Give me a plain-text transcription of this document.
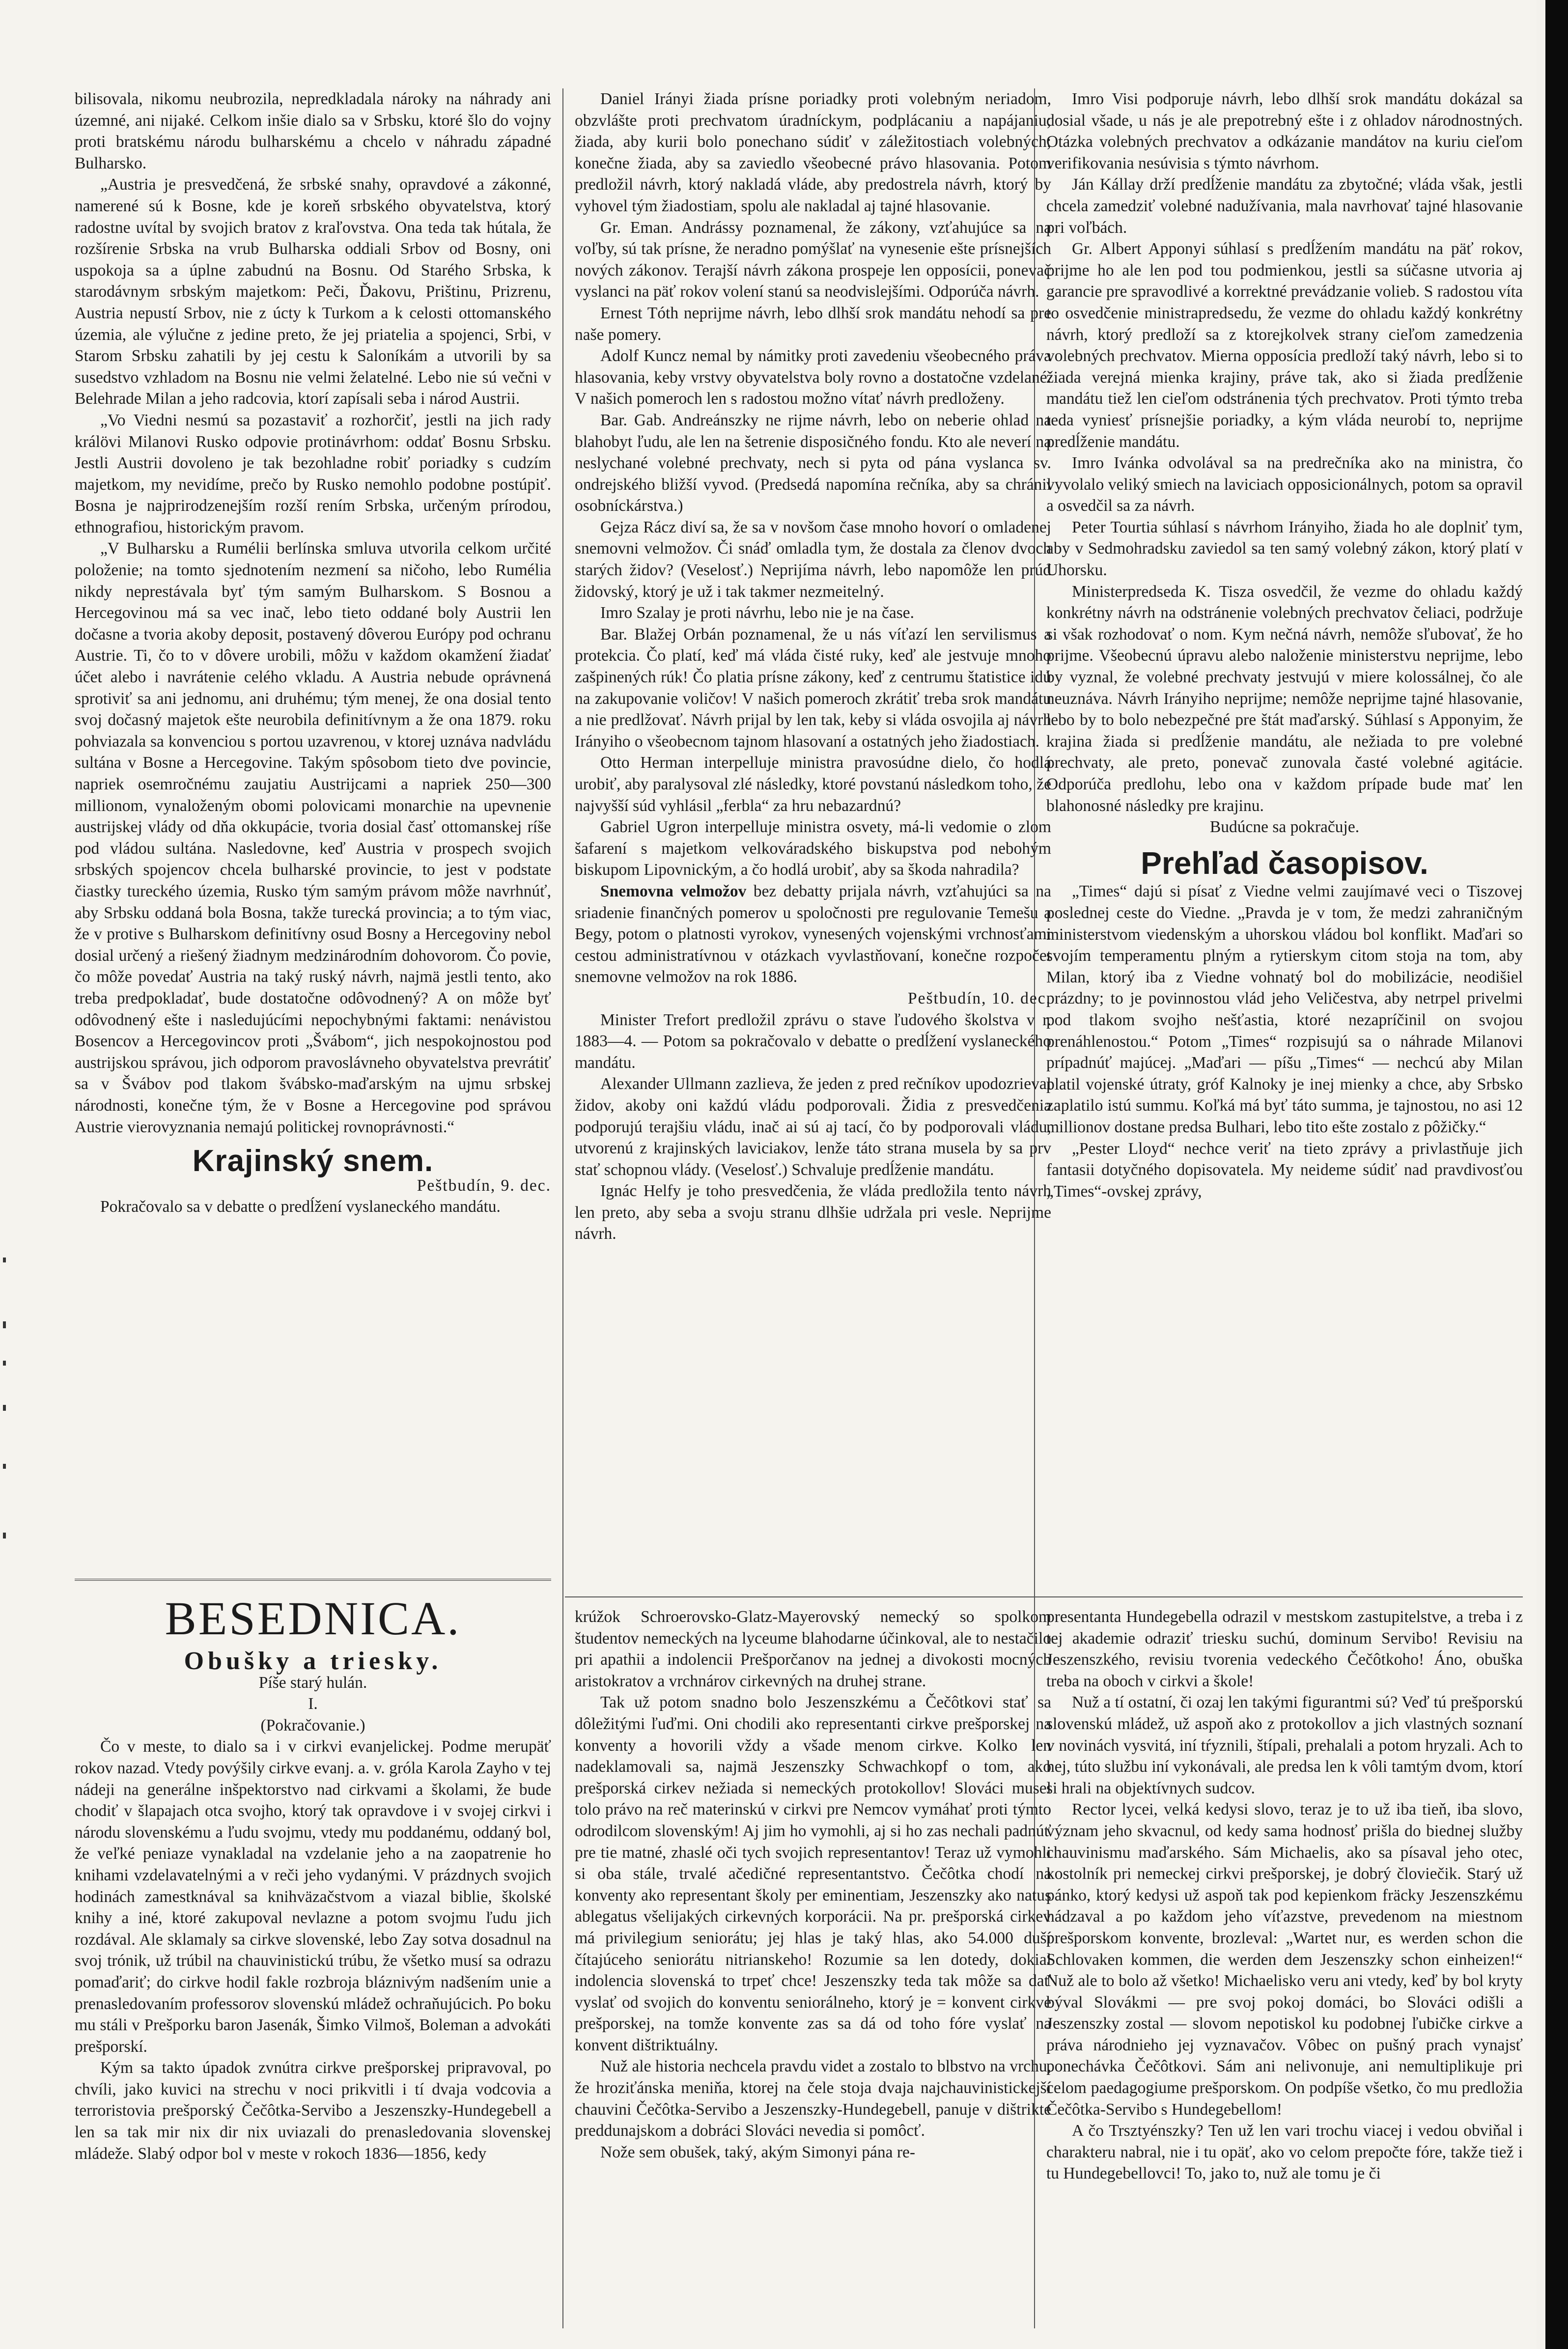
bilisovala, nikomu neubrozila, nepredkladala nároky na náhrady ani územné, ani nijaké. Celkom inšie dialo sa v Srbsku, ktoré šlo do vojny proti bratskému národu bulharskému a chcelo v náhradu západné Bulharsko.

„Austria je presvedčená, že srbské snahy, opravdové a zákonné, namerené sú k Bosne, kde je koreň srbského obyvatelstva, ktorý radostne uvítal by svojich bratov z kraľovstva. Ona teda tak hútala, že rozšírenie Srbska na vrub Bulharska oddiali Srbov od Bosny, oni uspokoja sa a úplne zabudnú na Bosnu. Od Starého Srbska, k starodávnym srbským majetkom: Peči, Ďakovu, Prištinu, Prizrenu, Austria nepustí Srbov, nie z úcty k Turkom a k celosti ottomanského územia, ale výlučne z jedine preto, že jej priatelia a spojenci, Srbi, v Starom Srbsku zahatili by jej cestu k Saloníkám a utvorili by sa susedstvo vzhladom na Bosnu nie velmi želatelné. Lebo nie sú večni v Belehrade Milan a jeho radcovia, ktorí zapísali seba i národ Austrii.

„Vo Viedni nesmú sa pozastaviť a rozhorčiť, jestli na jich rady králövi Milanovi Rusko odpovie protinávrhom: oddať Bosnu Srbsku. Jestli Austrii dovoleno je tak bezohladne robiť poriadky s cudzím majetkom, my nevidíme, prečo by Rusko nemohlo podobne postúpiť. Bosna je najprirodzenejším rozší rením Srbska, určeným prírodou, ethnografiou, historickým pravom.

„V Bulharsku a Rumélii berlínska smluva utvorila celkom určité položenie; na tomto sjednotením nezmení sa ničoho, lebo Rumélia nikdy neprestávala byť tým samým Bulharskom. S Bosnou a Hercegovinou má sa vec inač, lebo tieto oddané boly Austrii len dočasne a tvoria akoby deposit, postavený dôverou Európy pod ochranu Austrie. Ti, čo to v dôvere urobili, môžu v každom okamžení žiadať účet alebo i navrátenie celého vkladu. A Austria nebude oprávnená sprotiviť sa ani jednomu, ani druhému; tým menej, že ona dosial tento svoj dočasný majetok ešte neurobila definitívnym a že ona 1879. roku pohviazala sa konvenciou s portou uzavrenou, v ktorej uznáva nadvládu sultána v Bosne a Hercegovine. Takým spôsobom tieto dve povincie, napriek osemročnému zaujatiu Austrijcami a napriek 250—300 millionom, vynaloženým obomi polovicami monarchie na upevnenie austrijskej vlády od dňa okkupácie, tvoria dosial časť ottomanskej ríše pod vládou sultána. Nasledovne, keď Austria v prospech svojich srbských spojencov chcela bulharské provincie, to jest v podstate čiastky tureckého územia, Rusko tým samým právom môže navrhnúť, aby Srbsku oddaná bola Bosna, takže turecká provincia; a to tým viac, že v protive s Bulharskom definitívny osud Bosny a Hercegoviny nebol dosial určený a riešený žiadnym medzinárodním dohovorom. Čo povie, čo môže povedať Austria na taký ruský návrh, najmä jestli tento, ako treba predpokladať, bude dostatočne odôvodnený? A on môže byť odôvodnený ešte i nasledujúcími nepochybnými faktami: nenávistou Bosencov a Hercegovincov proti „Švábom“, jich nespokojnostou pod austrijskou správou, jich odporom pravoslávneho obyvatelstva prevrátiť sa v Švábov pod tlakom švábsko-maďarským na ujmu srbskej národnosti, konečne tým, že v Bosne a Hercegovine pod správou Austrie vierovyznania nemajú politickej rovnoprávnosti.“

Krajinský snem.

Peštbudín, 9. dec.

Pokračovalo sa v debatte o predĺžení vyslaneckého mandátu.

Daniel Irányi žiada prísne poriadky proti volebným neriadom, obzvlášte proti prechvatom úradníckym, podplácaniu a napájaniu; žiada, aby kurii bolo ponechano súdiť v záležitostiach volebných; konečne žiada, aby sa zaviedlo všeobecné právo hlasovania. Potom predložil návrh, ktorý nakladá vláde, aby predostrela návrh, ktorý by vyhovel tým žiadostiam, spolu ale nakladal aj tajné hlasovanie.

Gr. Eman. Andrássy poznamenal, že zákony, vzťahujúce sa na voľby, sú tak prísne, že neradno pomýšlať na vynesenie ešte prísnejších nových zákonov. Terajší návrh zákona prospeje len opposícii, ponevač vyslanci na päť rokov volení stanú sa neodvislejšími. Odporúča návrh.

Ernest Tóth neprijme návrh, lebo dlhší srok mandátu nehodí sa pre naše pomery.

Adolf Kuncz nemal by námitky proti zavedeniu všeobecného práva hlasovania, keby vrstvy obyvatelstva boly rovno a dostatočne vzdelané. V našich pomeroch len s radostou možno vítať návrh predloženy.

Bar. Gab. Andreánszky ne rijme návrh, lebo on neberie ohlad na blahobyt ľudu, ale len na šetrenie disposičného fondu. Kto ale neverí na neslychané volebné prechvaty, nech si pyta od pána vyslanca sv. ondrejského bližší vyvod. (Predsedá napomína rečníka, aby sa chránil osobníckárstva.)

Gejza Rácz diví sa, že sa v novšom čase mnoho hovorí o omladenej snemovni velmožov. Či snáď omladla tym, že dostala za členov dvoch starých židov? (Veselosť.) Neprijíma návrh, lebo napomôže len prúd židovský, ktorý je už i tak takmer nezmeitelný.

Imro Szalay je proti návrhu, lebo nie je na čase.

Bar. Blažej Orbán poznamenal, že u nás víťazí len servilismus a protekcia. Čo platí, keď má vláda čisté ruky, keď ale jestvuje mnoho zašpinených rúk! Čo platia prísne zákony, keď z centrumu štatistice idú na zakupovanie voličov! V našich pomeroch zkrátiť treba srok mandátu a nie predlžovať. Návrh prijal by len tak, keby si vláda osvojila aj návrh Irányiho o všeobecnom tajnom hlasovaní a ostatných jeho žiadostiach.

Otto Herman interpelluje ministra pravosúdne dielo, čo hodlá urobiť, aby paralysoval zlé následky, ktoré povstanú následkom toho, že najvyšší súd vyhlásil „ferbla“ za hru nebazardnú?

Gabriel Ugron interpelluje ministra osvety, má-li vedomie o zlom šafarení s majetkom velkováradského biskupstva pod nebohým biskupom Lipovnickým, a čo hodlá urobiť, aby sa škoda nahradila?

Snemovna velmožov bez debatty prijala návrh, vzťahujúci sa na sriadenie finančných pomerov u spoločnosti pre regulovanie Temešu a Begy, potom o platnosti vyrokov, vynesených vojenskými vrchnosťami cestou administratívnou v otázkach vyvlastňovaní, konečne rozpočet snemovne velmožov na rok 1886.

Peštbudín, 10. dec.

Minister Trefort predložil zprávu o stave ľudového školstva v r. 1883—4. — Potom sa pokračovalo v debatte o predĺžení vyslaneckého mandátu.

Alexander Ullmann zazlieva, že jeden z pred rečníkov upodozrieval židov, akoby oni každú vládu podporovali. Židia z presvedčenia podporujú terajšiu vládu, inač ai sú aj tací, čo by podporovali vládu, utvorenú z krajinských laviciakov, lenže táto strana musela by sa prv stať schopnou vlády. (Veselosť.) Schvaluje predĺženie mandátu.

Ignác Helfy je toho presvedčenia, že vláda predložila tento návrh len preto, aby seba a svoju stranu dlhšie udržala pri vesle. Neprijme návrh.

Imro Visi podporuje návrh, lebo dlhší srok mandátu dokázal sa dosial všade, u nás je ale prepotrebný ešte i z ohladov národnostných. Otázka volebných prechvatov a odkázanie mandátov na kuriu cieľom verifikovania nesúvisia s týmto návrhom.

Ján Kállay drží predĺženie mandátu za zbytočné; vláda však, jestli chcela zamedziť volebné nadužívania, mala navrhovať tajné hlasovanie pri voľbách.

Gr. Albert Apponyi súhlasí s predĺžením mandátu na päť rokov, prijme ho ale len pod tou podmienkou, jestli sa súčasne utvoria aj garancie pre spravodlivé a korrektné prevádzanie volieb. S radostou víta to osvedčenie ministrapredsedu, že vezme do ohladu každý konkrétny návrh, ktorý predloží sa z ktorejkolvek strany cieľom zamedzenia volebných prechvatov. Mierna opposícia predloží taký návrh, lebo si to žiada verejná mienka krajiny, práve tak, ako si žiada predĺženie mandátu tiež len cieľom odstránenia tých prechvatov. Proti týmto treba teda vyniesť prísnejšie poriadky, a kým vláda neurobí to, neprijme predĺženie mandátu.

Imro Ivánka odvolával sa na predrečníka ako na ministra, čo vyvolalo veliký smiech na laviciach opposicionálnych, potom sa opravil a osvedčil sa za návrh.

Peter Tourtia súhlasí s návrhom Irányiho, žiada ho ale doplniť tym, aby v Sedmohradsku zaviedol sa ten samý volebný zákon, ktorý platí v Uhorsku.

Ministerpredseda K. Tisza osvedčil, že vezme do ohladu každý konkrétny návrh na odstránenie volebných prechvatov čeliaci, podržuje si však rozhodovať o nom. Kym nečná návrh, nemôže sľubovať, že ho prijme. Všeobecnú úpravu alebo naloženie ministerstvu neprijme, lebo by vyznal, že volebné prechvaty jestvujú v miere kolossálnej, čo ale neuznáva. Návrh Irányiho neprijme; nemôže neprijme tajné hlasovanie, lebo by to bolo nebezpečné pre štát maďarský. Súhlasí s Apponyim, že krajina žiada si predĺženie mandátu, ale nežiada to pre volebné prechvaty, ale preto, ponevač zunovala časté volebné agitácie. Odporúča predlohu, lebo ona v každom prípade bude mať len blahonosné následky pre krajinu.

Budúcne sa pokračuje.

Prehľad časopisov.

„Times“ dajú si písať z Viedne velmi zaujímavé veci o Tiszovej poslednej ceste do Viedne. „Pravda je v tom, že medzi zahraničným ministerstvom viedenským a uhorskou vládou bol konflikt. Maďari so svojím temperamentu plným a rytierskym citom stoja na tom, aby Milan, ktorý iba z Viedne vohnatý bol do mobilizácie, neodišiel prázdny; to je povinnostou vlád jeho Veličestva, aby netrpel privelmi pod tlakom svojho nešťastia, ktoré nezapríčinil on svojou prenáhlenostou.“ Potom „Times“ rozpisujú sa o náhrade Milanovi prípadnúť majúcej. „Maďari — píšu „Times“ — nechcú aby Milan platil vojenské útraty, gróf Kalnoky je inej mienky a chce, aby Srbsko zaplatilo istú summu. Koľká má byť táto summa, je tajnostou, no asi 12 millionov dostane predsa Bulhari, lebo tito ešte zostalo z pôžičky.“

„Pester Lloyd“ nechce veriť na tieto zprávy a privlastňuje jich fantasii dotyčného dopisovatela. My neideme súdiť nad pravdivosťou „Times“-ovskej zprávy,

BESEDNICA.

Obušky a triesky.

Píše starý hulán.

I.

(Pokračovanie.)

Čo v meste, to dialo sa i v cirkvi evanjelickej. Podme merupäť rokov nazad. Vtedy povýšily cirkve evanj. a. v. gróla Karola Zayho v tej nádeji na generálne inšpektorstvo nad cirkvami a školami, že bude chodiť v šlapajach otca svojho, ktorý tak opravdove i v svojej cirkvi i národu slovenskému a ľudu svojmu, vtedy mu poddanému, oddaný bol, že veľké peniaze vynakladal na vzdelanie jeho a na zaopatrenie ho knihami vzdelavatelnými a v reči jeho vydanými. V prázdnych svojich hodinách zamestknával sa knihväzačstvom a viazal biblie, školské knihy a iné, ktoré zakupoval nevlazne a potom svojmu ľudu jich rozdával. Ale sklamaly sa cirkve slovenské, lebo Zay sotva dosadnul na svoj trónik, už trúbil na chauvinistickú trúbu, že všetko musí sa odrazu pomaďariť; do cirkve hodil fakle rozbroja bláznivým nadšením unie a prenasledovaním professorov slovenskú mládež ochraňujúcich. Po boku mu stáli v Prešporku baron Jasenák, Šimko Vilmoš, Boleman a advokáti prešporskí.

Kým sa takto úpadok zvnútra cirkve prešporskej pripravoval, po chvíli, jako kuvici na strechu v noci prikvitli i tí dvaja vodcovia a terroristovia prešporský Čečôtka-Servibo a Jeszenszky-Hundegebell a len sa tak mir nix dir nix uviazali do prenasledovania slovenskej mládeže. Slabý odpor bol v meste v rokoch 1836—1856, kedy

krúžok Schroerovsko-Glatz-Mayerovský nemecký so spolkom študentov nemeckých na lyceume blahodarne účinkoval, ale to nestačilo pri apathii a indolencii Prešporčanov na jednej a divokosti mocných aristokratov a vrchnárov cirkevných na druhej strane.

Tak už potom snadno bolo Jeszenszkému a Čečôtkovi stať sa dôležitými ľuďmi. Oni chodili ako representanti cirkve prešporskej na konventy a hovorili vždy a všade menom cirkve. Kolko len nadeklamovali sa, najmä Jeszenszky Schwachkopf o tom, ako prešporská cirkev nežiada si nemeckých protokollov! Slováci musel tolo právo na reč materinskú v cirkvi pre Nemcov vymáhať proti týmto odrodilcom slovenským! Aj jim ho vymohli, aj si ho zas nechali padnúť pre tie matné, zhaslé oči tych svojich representantov! Teraz už vymohli si oba stále, trvalé ačedičné representantstvo. Čečôtka chodí na konventy ako representant školy per eminentiam, Jeszenszky ako natus ablegatus všelijakých cirkevných korporácii. Na pr. prešporská cirkev má privilegium seniorátu; jej hlas je taký hlas, ako 54.000 duší čítajúceho seniorátu nitrianskeho! Rozumie sa len dotedy, dokial indolencia slovenská to trpeť chce! Jeszenszky teda tak môže sa dať vyslať od svojich do konventu seniorálneho, ktorý je = konvent cirkve prešporskej, na tomže konvente zas sa dá od toho fóre vyslať na konvent dištriktuálny.

Nuž ale historia nechcela pravdu videt a zostalo to blbstvo na vrchu, že hroziťánska meniňa, ktorej na čele stoja dvaja najchauvinistickejší chauvini Čečôtka-Servibo a Jeszenszky-Hundegebell, panuje v dištrikte preddunajskom a dobráci Slováci nevedia si pomôcť.

Nože sem obušek, taký, akým Simonyi pána re-

presentanta Hundegebella odrazil v mestskom zastupitelstve, a treba i z tej akademie odraziť triesku suchú, dominum Servibo! Revisiu na Jeszenszkého, revisiu tvorenia vedeckého Čečôtkoho! Áno, obuška treba na oboch v cirkvi a škole!

Nuž a tí ostatní, či ozaj len takými figurantmi sú? Veď tú prešporskú slovenskú mládež, už aspoň ako z protokollov a jich vlastných soznaní v novinách vysvitá, iní tŕyznili, štípali, prehalali a potom hryzali. Ach to hej, túto službu iní vykonávali, ale predsa len k vôli tamtým dvom, ktorí si hrali na objektívnych sudcov.

Rector lycei, velká kedysi slovo, teraz je to už iba tieň, iba slovo, význam jeho skvacnul, od kedy sama hodnosť prišla do biednej služby chauvinismu maďarského. Sám Michaelis, ako sa písaval jeho otec, kostolník pri nemeckej cirkvi prešporskej, je dobrý človiečik. Starý už pánko, ktorý kedysi už aspoň tak pod kepienkom fräcky Jeszenszkému hádzaval a po každom jeho víťazstve, prevedenom na miestnom prešporskom konvente, brozleval: „Wartet nur, es werden schon die Schlovaken kommen, die werden dem Jeszenszky schon einheizen!“ Nuž ale to bolo až všetko! Michaelisko veru ani vtedy, keď by bol kryty býval Slovákmi — pre svoj pokoj domáci, bo Slováci odišli a Jeszenszky zostal — slovom nepotiskol ku podobnej ľubičke cirkve a práva národnieho jej vyznavačov. Vôbec on pušný prach vynajsť ponechávka Čečôtkovi. Sám ani nelivonuje, ani nemultiplikuje pri celom paedagogiume prešporskom. On podpíše všetko, čo mu predložia Čečôtka-Servibo s Hundegebellom!

A čo Trsztyénszky? Ten už len vari trochu viacej i vedou obviňal i charakteru nabral, nie i tu opäť, ako vo celom prepočte fóre, takže tiež i tu Hundegebellovci! To, jako to, nuž ale tomu je či
